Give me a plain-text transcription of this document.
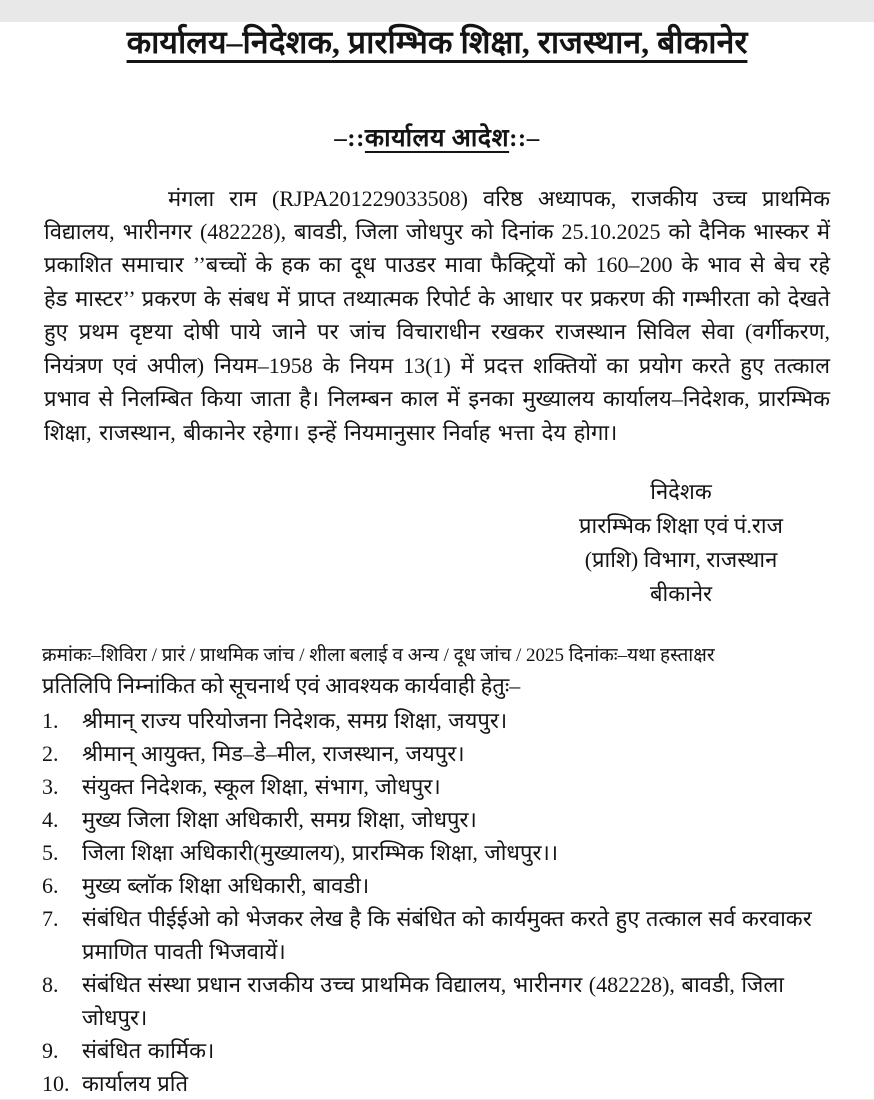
कार्यालय–निदेशक, प्रारम्भिक शिक्षा, राजस्थान, बीकानेर
–::कार्यालय आदेश::–

मंगला राम (RJPA201229033508) वरिष्ठ अध्यापक, राजकीय उच्च प्राथमिक विद्यालय, भारीनगर (482228), बावडी, जिला जोधपुर को दिनांक 25.10.2025 को दैनिक भास्कर में प्रकाशित समाचार ’’बच्चों के हक का दूध पाउडर मावा फैक्ट्रियों को 160–200 के भाव से बेच रहे हेड मास्टर’’ प्रकरण के संबध में प्राप्त तथ्यात्मक रिपोर्ट के आधार पर प्रकरण की गम्भीरता को देखते हुए प्रथम दृष्टया दोषी पाये जाने पर जांच विचाराधीन रखकर राजस्थान सिविल सेवा (वर्गीकरण, नियंत्रण एवं अपील) नियम–1958 के नियम 13(1) में प्रदत्त शक्तियों का प्रयोग करते हुए तत्काल प्रभाव से निलम्बित किया जाता है। निलम्बन काल में इनका मुख्यालय कार्यालय–निदेशक, प्रारम्भिक शिक्षा, राजस्थान, बीकानेर रहेगा। इन्हें नियमानुसार निर्वाह भत्ता देय होगा।

निदेशक
प्रारम्भिक शिक्षा एवं पं.राज
(प्राशि) विभाग, राजस्थान
बीकानेर
क्रमांकः–शिविरा / प्रारं / प्राथमिक जांच / शीला बलाई व अन्य / दूध जांच / 2025 दिनांकः–यथा हस्ताक्षर
प्रतिलिपि निम्नांकित को सूचनार्थ एवं आवश्यक कार्यवाही हेतुः–
1.	श्रीमान् राज्य परियोजना निदेशक, समग्र शिक्षा, जयपुर।
2.	श्रीमान् आयुक्त, मिड–डे–मील, राजस्थान, जयपुर।
3.	संयुक्त निदेशक, स्कूल शिक्षा, संभाग, जोधपुर।
4.	मुख्य जिला शिक्षा अधिकारी, समग्र शिक्षा, जोधपुर।
5.	जिला शिक्षा अधिकारी(मुख्यालय), प्रारम्भिक शिक्षा, जोधपुर।।
6.	मुख्य ब्लॉक शिक्षा अधिकारी, बावडी।
7.	संबंधित पीईईओ को भेजकर लेख है कि संबंधित को कार्यमुक्त करते हुए तत्काल सर्व करवाकर प्रमाणित पावती भिजवायें।
8.	संबंधित संस्था प्रधान राजकीय उच्च प्राथमिक विद्यालय, भारीनगर (482228), बावडी, जिला जोधपुर।
9.	संबंधित कार्मिक।
10. कार्यालय प्रति
